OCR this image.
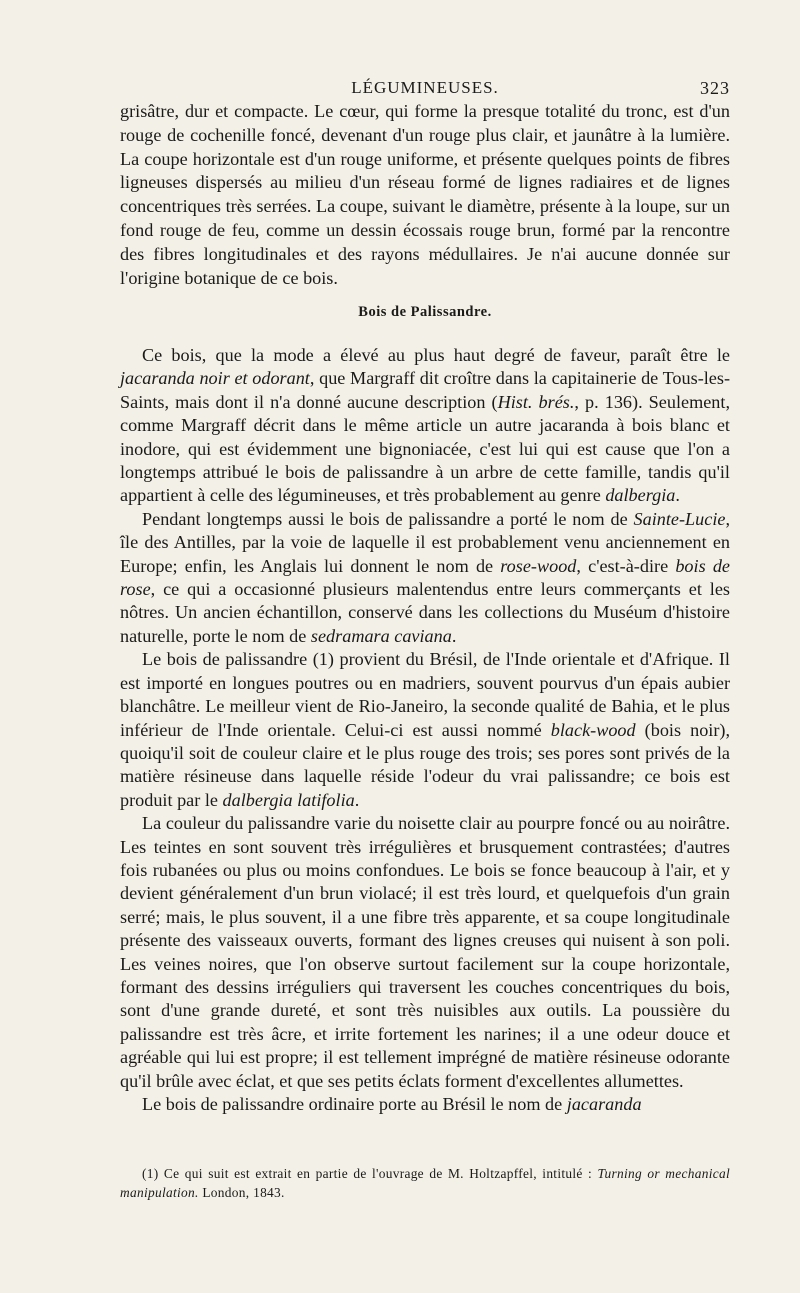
LÉGUMINEUSES.	323

grisâtre, dur et compacte. Le cœur, qui forme la presque totalité du tronc, est d'un rouge de cochenille foncé, devenant d'un rouge plus clair, et jaunâtre à la lumière. La coupe horizontale est d'un rouge uniforme, et présente quelques points de fibres ligneuses dispersés au milieu d'un réseau formé de lignes radiaires et de lignes concentriques très serrées. La coupe, suivant le diamètre, présente à la loupe, sur un fond rouge de feu, comme un dessin écossais rouge brun, formé par la rencontre des fibres longitudinales et des rayons médullaires. Je n'ai aucune donnée sur l'origine botanique de ce bois.

Bois de Palissandre.

Ce bois, que la mode a élevé au plus haut degré de faveur, paraît être le jacaranda noir et odorant, que Margraff dit croître dans la capitainerie de Tous-les-Saints, mais dont il n'a donné aucune description (Hist. brés., p. 136). Seulement, comme Margraff décrit dans le même article un autre jacaranda à bois blanc et inodore, qui est évidemment une bignoniacée, c'est lui qui est cause que l'on a longtemps attribué le bois de palissandre à un arbre de cette famille, tandis qu'il appartient à celle des légumineuses, et très probablement au genre dalbergia.

Pendant longtemps aussi le bois de palissandre a porté le nom de Sainte-Lucie, île des Antilles, par la voie de laquelle il est probablement venu anciennement en Europe; enfin, les Anglais lui donnent le nom de rose-wood, c'est-à-dire bois de rose, ce qui a occasionné plusieurs malentendus entre leurs commerçants et les nôtres. Un ancien échantillon, conservé dans les collections du Muséum d'histoire naturelle, porte le nom de sedramara caviana.

Le bois de palissandre (1) provient du Brésil, de l'Inde orientale et d'Afrique. Il est importé en longues poutres ou en madriers, souvent pourvus d'un épais aubier blanchâtre. Le meilleur vient de Rio-Janeiro, la seconde qualité de Bahia, et le plus inférieur de l'Inde orientale. Celui-ci est aussi nommé black-wood (bois noir), quoiqu'il soit de couleur claire et le plus rouge des trois; ses pores sont privés de la matière résineuse dans laquelle réside l'odeur du vrai palissandre; ce bois est produit par le dalbergia latifolia.

La couleur du palissandre varie du noisette clair au pourpre foncé ou au noirâtre. Les teintes en sont souvent très irrégulières et brusquement contrastées; d'autres fois rubanées ou plus ou moins confondues. Le bois se fonce beaucoup à l'air, et y devient généralement d'un brun violacé; il est très lourd, et quelquefois d'un grain serré; mais, le plus souvent, il a une fibre très apparente, et sa coupe longitudinale présente des vaisseaux ouverts, formant des lignes creuses qui nuisent à son poli. Les veines noires, que l'on observe surtout facilement sur la coupe horizontale, formant des dessins irréguliers qui traversent les couches concentriques du bois, sont d'une grande dureté, et sont très nuisibles aux outils. La poussière du palissandre est très âcre, et irrite fortement les narines; il a une odeur douce et agréable qui lui est propre; il est tellement imprégné de matière résineuse odorante qu'il brûle avec éclat, et que ses petits éclats forment d'excellentes allumettes.

Le bois de palissandre ordinaire porte au Brésil le nom de jacaranda

(1) Ce qui suit est extrait en partie de l'ouvrage de M. Holtzapffel, intitulé : Turning or mechanical manipulation. London, 1843.
